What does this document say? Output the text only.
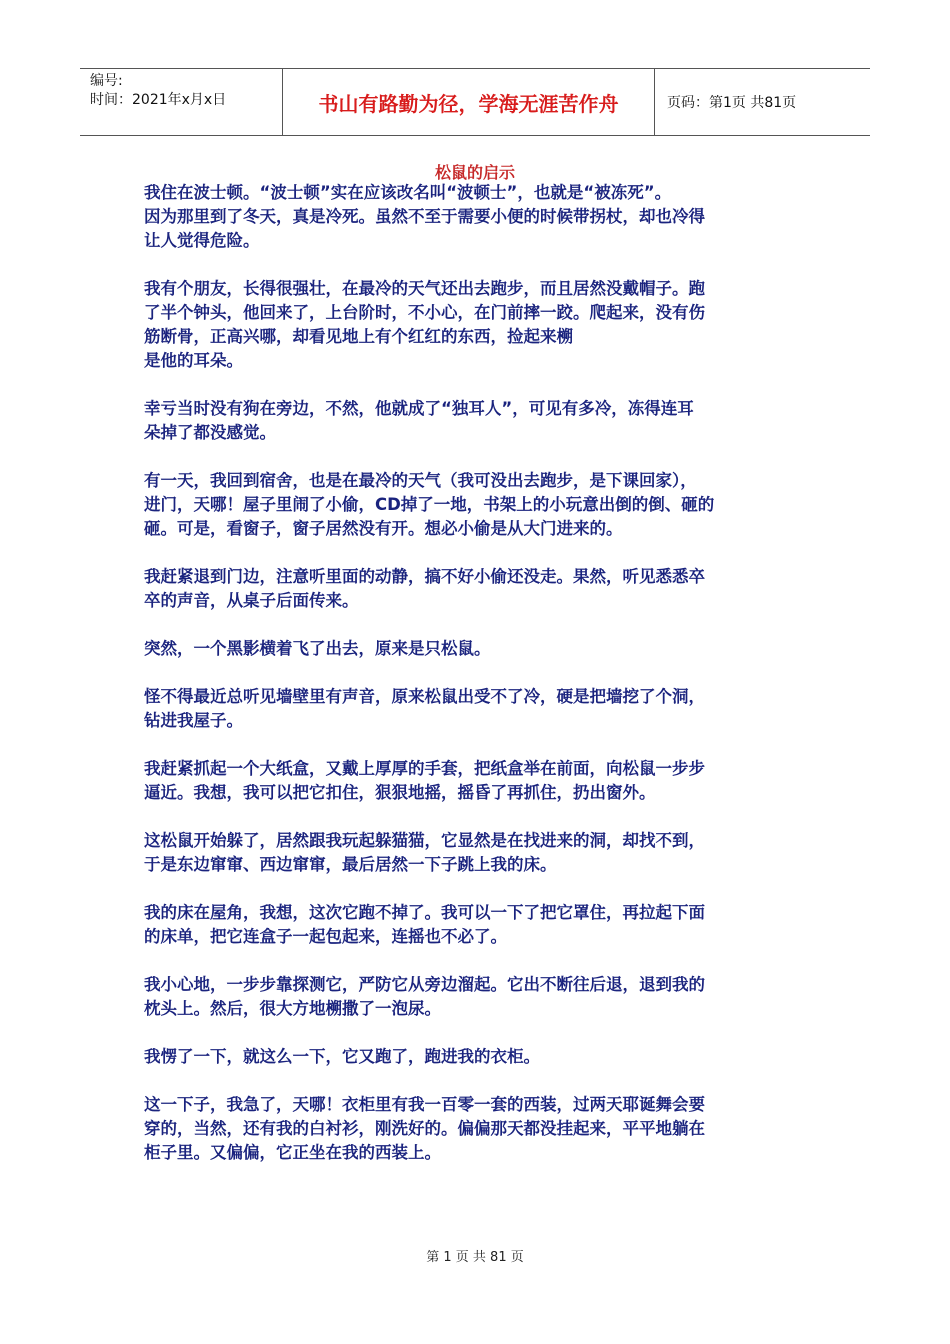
编号:
时间：2021年x月x日	书山有路勤为径，学海无涯苦作舟	页码：第1页 共81页
松鼠的启示
我住在波士顿。“波士顿”实在应该改名叫“波顿士”，也就是“被冻死”。
因为那里到了冬天，真是冷死。虽然不至于需要小便的时候带拐杖，却也冷得
让人觉得危险。
我有个朋友，长得很强壮，在最冷的天气还出去跑步，而且居然没戴帽子。跑
了半个钟头，他回来了，上台阶时，不小心，在门前摔一跤。爬起来，没有伤
筋断骨，正高兴哪，却看见地上有个红红的东西，捡起来㮶
是他的耳朵。
幸亏当时没有狗在旁边，不然，他就成了“独耳人”，可见有多冷，冻得连耳
朵掉了都没感觉。
有一天，我回到宿舍，也是在最冷的天气（我可没出去跑步，是下课回家），
进门，天哪！屋子里闹了小偷，CD掉了一地，书架上的小玩意出倒的倒、砸的
砸。可是，看窗子，窗子居然没有开。想必小偷是从大门进来的。
我赶紧退到门边，注意听里面的动静，搞不好小偷还没走。果然，听见悉悉卒
卒的声音，从桌子后面传来。
突然，一个黑影横着飞了出去，原来是只松鼠。
怪不得最近总听见墙壁里有声音，原来松鼠出受不了冷，硬是把墙挖了个洞，
钻进我屋子。
我赶紧抓起一个大纸盒，又戴上厚厚的手套，把纸盒举在前面，向松鼠一步步
逼近。我想，我可以把它扣住，狠狠地摇，摇昏了再抓住，扔出窗外。
这松鼠开始躲了，居然跟我玩起躲猫猫，它显然是在找进来的洞，却找不到，
于是东边窜窜、西边窜窜，最后居然一下子跳上我的床。
我的床在屋角，我想，这次它跑不掉了。我可以一下了把它罩住，再拉起下面
的床单，把它连盒子一起包起来，连摇也不必了。
我小心地，一步步靠探测它，严防它从旁边溜起。它出不断往后退，退到我的
枕头上。然后，很大方地㮶撒了一泡尿。
我愣了一下，就这么一下，它又跑了，跑进我的衣柜。
这一下子，我急了，天哪！衣柜里有我一百零一套的西装，过两天耶诞舞会要
穿的，当然，还有我的白衬衫，刚洗好的。偏偏那天都没挂起来，平平地躺在
柜子里。又偏偏，它正坐在我的西装上。
第 1 页 共 81 页
